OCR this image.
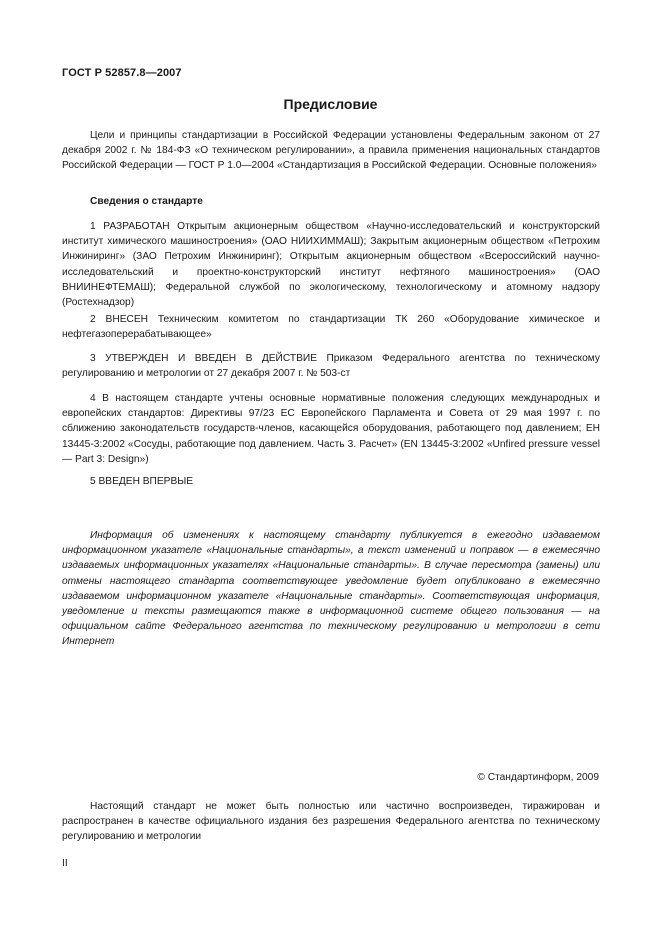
ГОСТ Р 52857.8—2007
Предисловие

Цели и принципы стандартизации в Российской Федерации установлены Федеральным законом от 27 декабря 2002 г. № 184-ФЗ «О техническом регулировании», а правила применения национальных стандартов Российской Федерации — ГОСТ Р 1.0—2004 «Стандартизация в Российской Федерации. Основные положения»

Сведения о стандарте

1 РАЗРАБОТАН Открытым акционерным обществом «Научно-исследовательский и конструкторский институт химического машиностроения» (ОАО НИИХИММАШ); Закрытым акционерным обществом «Петрохим Инжиниринг» (ЗАО Петрохим Инжиниринг); Открытым акционерным обществом «Всероссийский научно-исследовательский и проектно-конструкторский институт нефтяного машиностроения» (ОАО ВНИИНЕФТЕМАШ); Федеральной службой по экологическому, технологическому и атомному надзору (Ростехнадзор)

2 ВНЕСЕН Техническим комитетом по стандартизации ТК 260 «Оборудование химическое и нефтегазоперерабатывающее»

3 УТВЕРЖДЕН И ВВЕДЕН В ДЕЙСТВИЕ Приказом Федерального агентства по техническому регулированию и метрологии от 27 декабря 2007 г. № 503-ст

4 В настоящем стандарте учтены основные нормативные положения следующих международных и европейских стандартов: Директивы 97/23 ЕС Европейского Парламента и Совета от 29 мая 1997 г. по сближению законодательств государств-членов, касающейся оборудования, работающего под давлением; EH 13445-3:2002 «Сосуды, работающие под давлением. Часть 3. Расчет» (EN 13445-3:2002 «Unfired pressure vessel — Part 3: Design»)

5 ВВЕДЕН ВПЕРВЫЕ

Информация об изменениях к настоящему стандарту публикуется в ежегодно издаваемом информационном указателе «Национальные стандарты», а текст изменений и поправок — в ежемесячно издаваемых информационных указателях «Национальные стандарты». В случае пересмотра (замены) или отмены настоящего стандарта соответствующее уведомление будет опубликовано в ежемесячно издаваемом информационном указателе «Национальные стандарты». Соответствующая информация, уведомление и тексты размещаются также в информационной системе общего пользования — на официальном сайте Федерального агентства по техническому регулированию и метрологии в сети Интернет

© Стандартинформ, 2009

Настоящий стандарт не может быть полностью или частично воспроизведен, тиражирован и распространен в качестве официального издания без разрешения Федерального агентства по техническому регулированию и метрологии

II
